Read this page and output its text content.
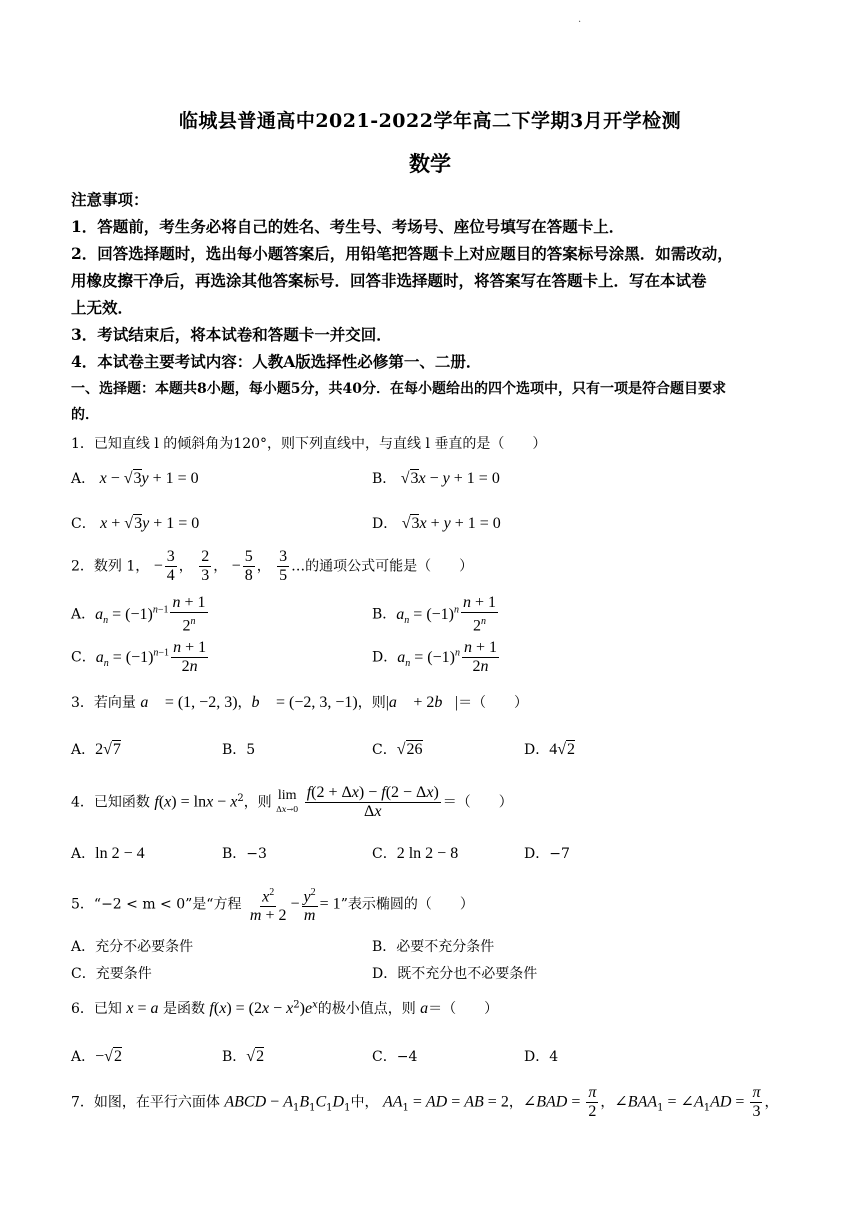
.
临城县普通高中2021-2022学年高二下学期3月开学检测
数学
注意事项：
1．答题前，考生务必将自己的姓名、考生号、考场号、座位号填写在答题卡上．
2．回答选择题时，选出每小题答案后，用铅笔把答题卡上对应题目的答案标号涂黑．如需改动，
用橡皮擦干净后，再选涂其他答案标号．回答非选择题时，将答案写在答题卡上．写在本试卷
上无效．
3．考试结束后，将本试卷和答题卡一并交回．
4．本试卷主要考试内容：人教A版选择性必修第一、二册．
一、选择题：本题共8小题，每小题5分，共40分．在每小题给出的四个选项中，只有一项是符合题目要求
的．
1．已知直线 l 的倾斜角为120°，则下列直线中，与直线 l 垂直的是（　　）
A． x − √3y + 1 = 0	B． √3x − y + 1 = 0
C． x + √3y + 1 = 0	D． √3x + y + 1 = 0
2．数列 1， − $\frac{3}{4}$ ， $\frac{2}{3}$ ， − $\frac{5}{8}$ ， $\frac{3}{5}$ …的通项公式可能是（　　）
A．$a_n = (-1)^{n-1} \frac{n + 1}{2^n}$	B．$a_n = (-1)^n \frac{n + 1}{2^n}$
C．$a_n = (-1)^{n-1} \frac{n + 1}{2n}$	D．$a_n = (-1)^n \frac{n + 1}{2n}$
3．若向量 a⃗ = (1, −2, 3)，b⃗ = (−2, 3, −1)，则|a⃗ + 2b⃗|＝（　　）
A．2√7	B．5	C．√26	D．4√2
4．已知函数 $f(x) = \ln x - x^2$，则 lim
Δx→0
$\frac{f(2 + \Delta x) - f(2 - \Delta x)}{\Delta x}$ ＝（　　）
A．ln 2 − 4	B．−3	C．2 ln 2 − 8	D．−7
5．“−2 < m < 0”是“方程 $\frac{x^2}{m + 2} - \frac{y^2}{m} = 1$”表示椭圆的（　　）
A．充分不必要条件	B．必要不充分条件
C．充要条件	D．既不充分也不必要条件
6．已知 x = a 是函数 $f(x) = (2x - x^2)e^x$的极小值点，则 a＝（　　）
A．−√2	B．√2	C．−4	D．4
7．如图，在平行六面体 ABCD − $A_1B_1C_1D_1$中， $AA_1$ = AD = AB = 2，∠BAD = $\frac{\pi}{2}$ ，$\angle BAA_1$ = $\angle A_1AD = \frac{\pi}{3}$ ，
